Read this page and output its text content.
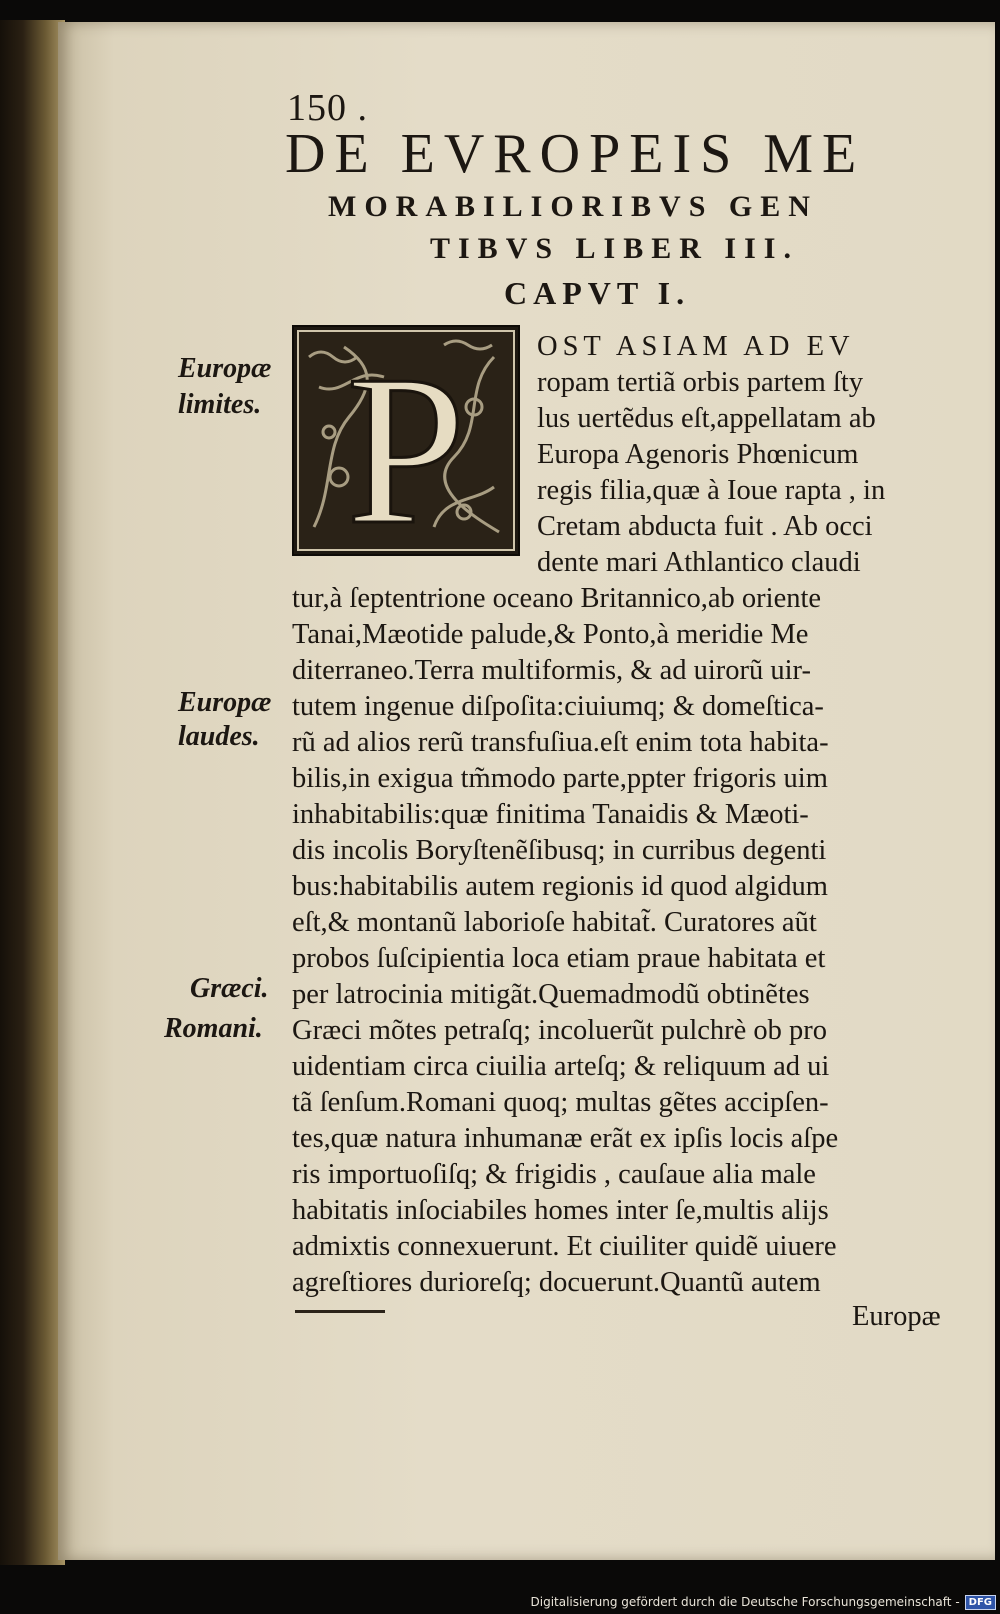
150 .
DE EVROPEIS ME
MORABILIORIBVS GEN
TIBVS LIBER III.
CAPVT I.
P
Europæ
limites.
Europæ
laudes.
Græci.
Romani.
OST ASIAM AD EV
ropam tertiã orbis partem ſty
lus uertẽdus eſt,appellatam ab
Europa Agenoris Phœnicum
regis filia,quæ à Ioue rapta , in
Cretam abducta fuit . Ab occi
dente mari Athlantico claudi
tur,à ſeptentrione oceano Britannico,ab oriente
Tanai,Mæotide palude,& Ponto,à meridie Me
diterraneo.Terra multiformis, & ad uirorũ uir-
tutem ingenue diſpoſita:ciuiumq; & domeſtica-
rũ ad alios rerũ transfuſiua.eſt enim tota habita-
bilis,in exigua tm̃modo parte,ppter frigoris uim
inhabitabilis:quæ finitima Tanaidis & Mæoti-
dis incolis Boryſtenẽſibusq; in curribus degenti
bus:habitabilis autem regionis id quod algidum
eſt,& montanũ laborioſe habitat̃. Curatores aũt
probos ſuſcipientia loca etiam praue habitata et
per latrocinia mitigãt.Quemadmodũ obtinẽtes
Græci mõtes petraſq; incoluerũt pulchrè ob pro
uidentiam circa ciuilia arteſq; & reliquum ad ui
tã ſenſum.Romani quoq; multas gẽtes accipſen-
tes,quæ natura inhumanæ erãt ex ipſis locis aſpe
ris importuoſiſq; & frigidis , cauſaue alia male
habitatis inſociabiles homes inter ſe,multis alijs
admixtis connexuerunt. Et ciuiliter quidẽ uiuere
agreſtiores durioreſq; docuerunt.Quantũ autem
Europæ
Digitalisierung gefördert durch die Deutsche Forschungsgemeinschaft - DFG
